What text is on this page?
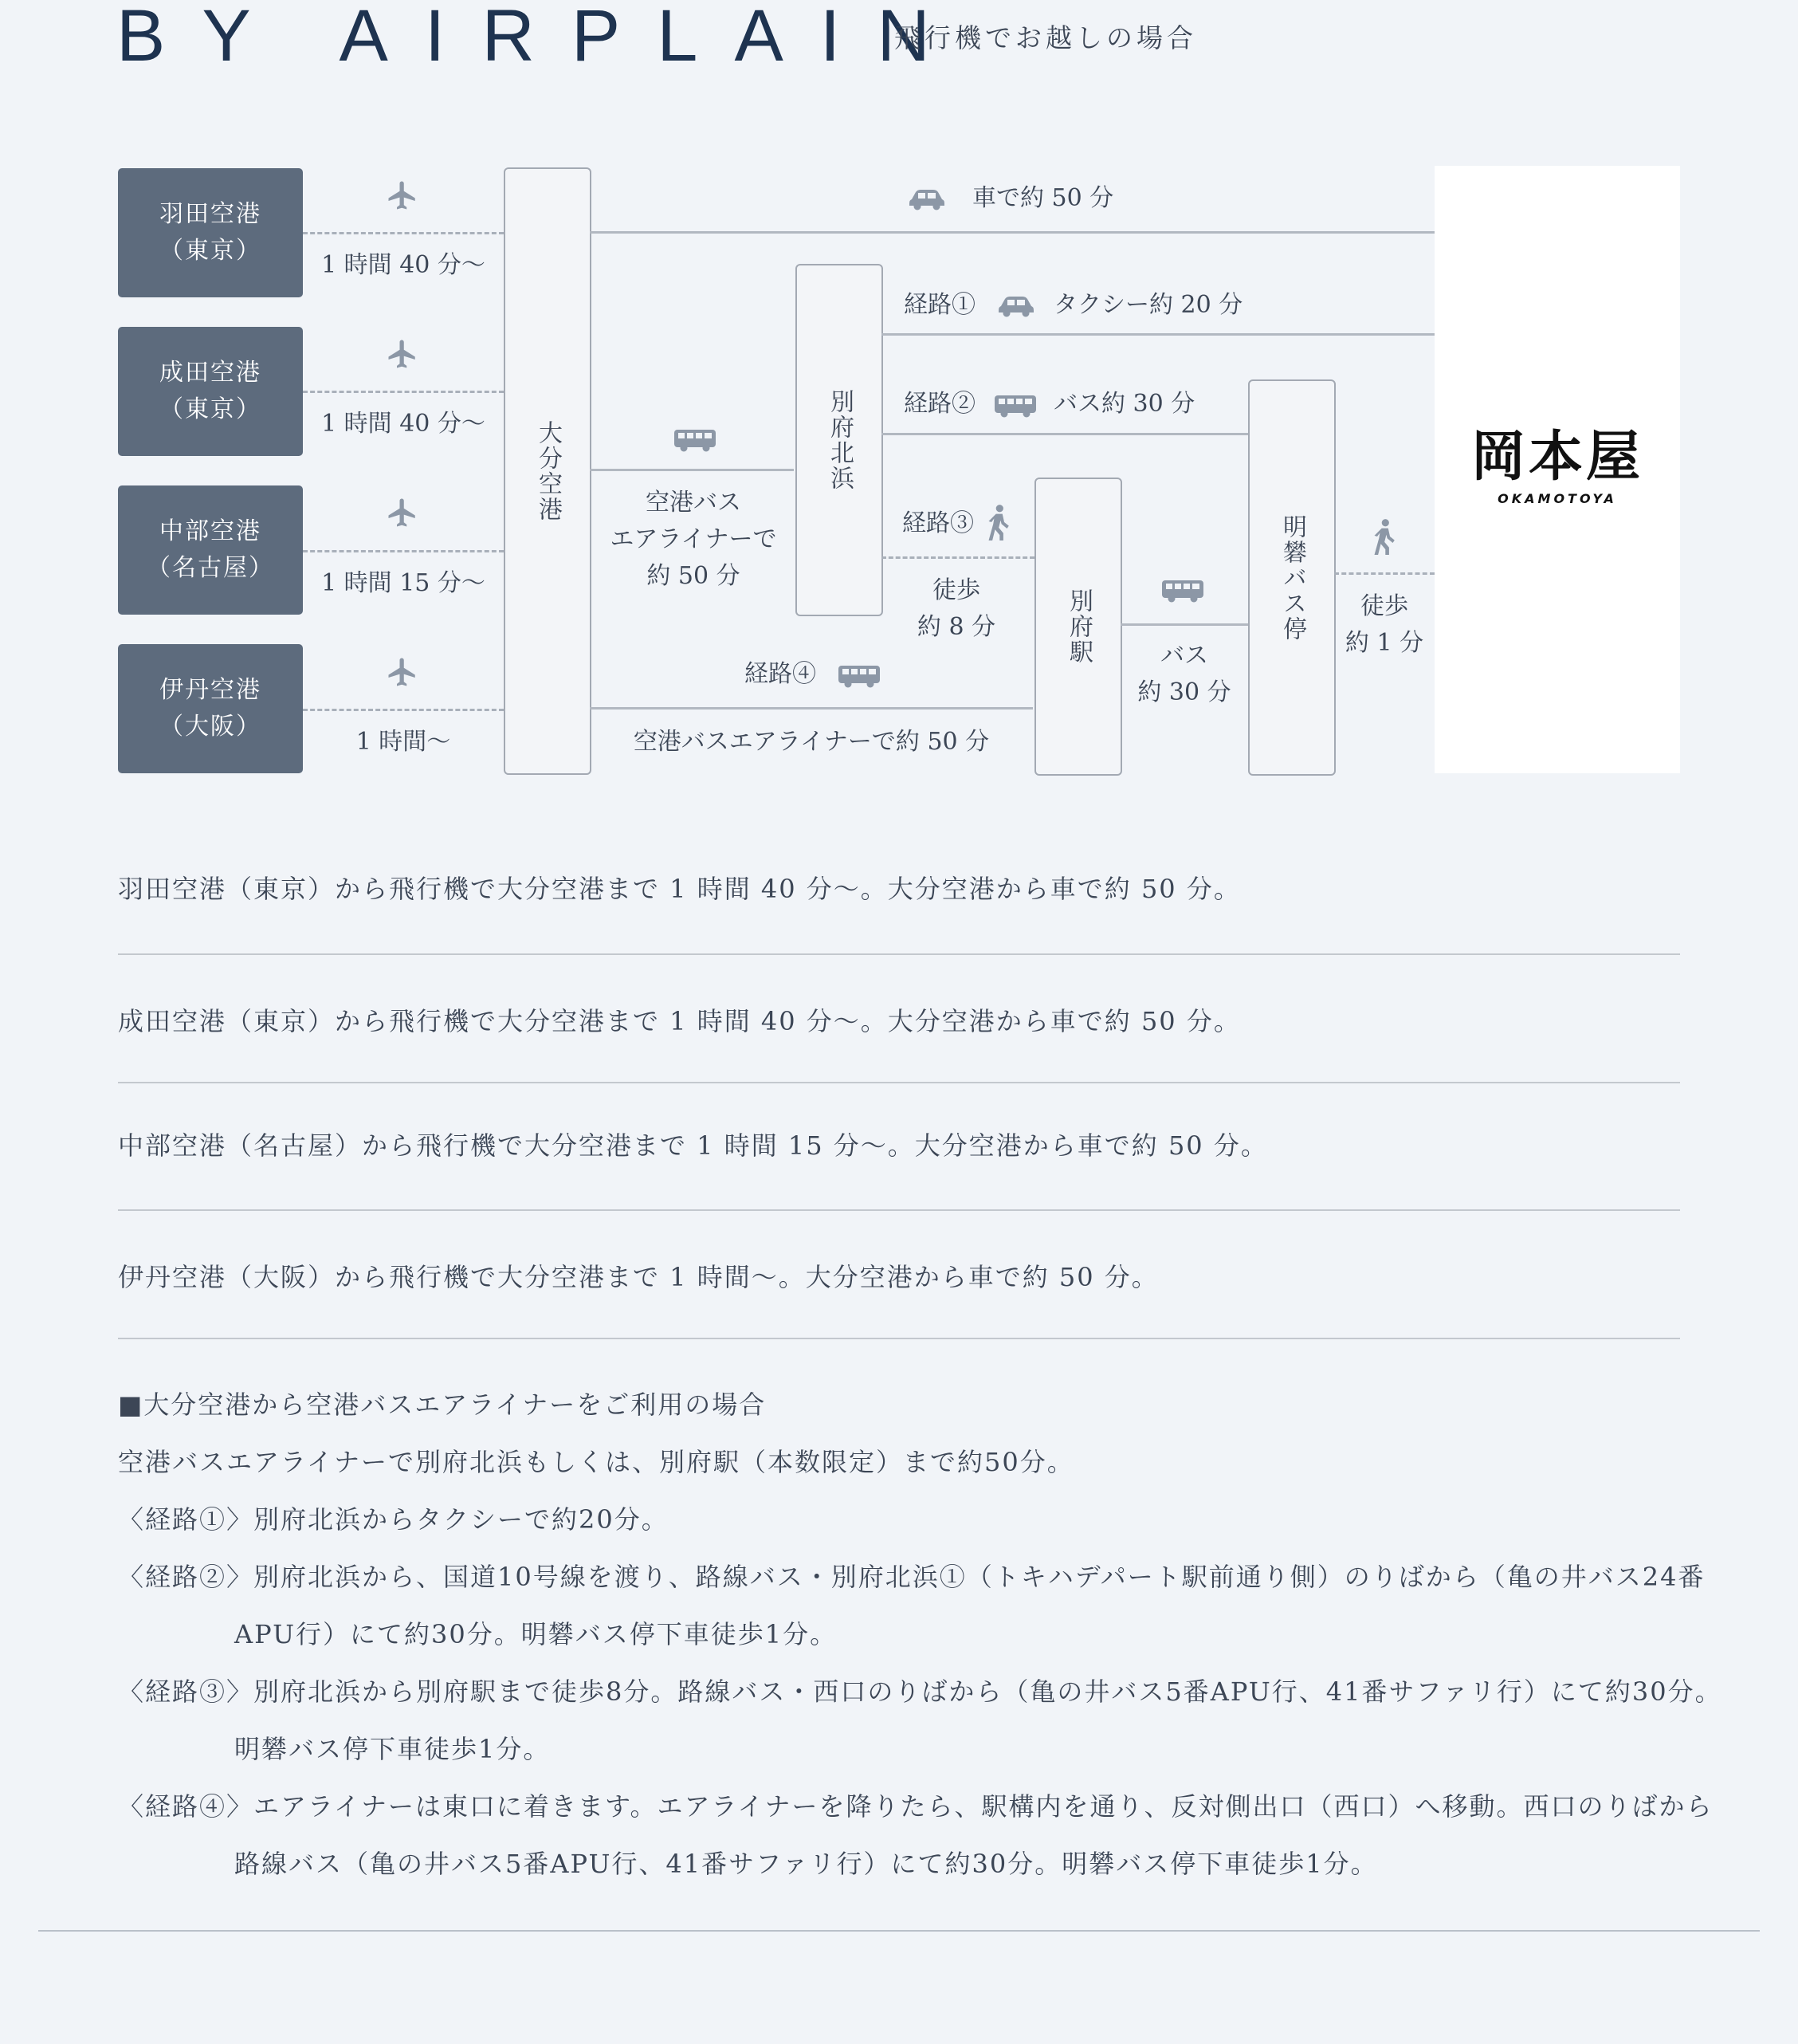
BY AIRPLAIN
飛行機でお越しの場合
羽田空港
（東京）
成田空港
（東京）
中部空港
（名古屋）
伊丹空港
（大阪）
1 時間 40 分～
1 時間 40 分～
1 時間 15 分～
1 時間～
大分空港
車で約 50 分
空港バス
エアライナーで
約 50 分
別府北浜
経路①	タクシー約 20 分
経路②	バス約 30 分
経路③
徒歩
約 8 分
経路④
空港バスエアライナーで約 50 分
別府駅	バス
約 30 分
明礬バス停	徒歩
約 1 分
岡本屋
OKAMOTOYA
羽田空港（東京）から飛行機で大分空港まで 1 時間 40 分～。大分空港から車で約 50 分。
成田空港（東京）から飛行機で大分空港まで 1 時間 40 分～。大分空港から車で約 50 分。
中部空港（名古屋）から飛行機で大分空港まで 1 時間 15 分～。大分空港から車で約 50 分。
伊丹空港（大阪）から飛行機で大分空港まで 1 時間～。大分空港から車で約 50 分。
■大分空港から空港バスエアライナーをご利用の場合
空港バスエアライナーで別府北浜もしくは、別府駅（本数限定）まで約50分。
〈経路①〉別府北浜からタクシーで約20分。
〈経路②〉別府北浜から、国道10号線を渡り、路線バス・別府北浜①（トキハデパート駅前通り側）のりばから（亀の井バス24番
APU行）にて約30分。明礬バス停下車徒歩1分。
〈経路③〉別府北浜から別府駅まで徒歩8分。路線バス・西口のりばから（亀の井バス5番APU行、41番サファリ行）にて約30分。
明礬バス停下車徒歩1分。
〈経路④〉エアライナーは東口に着きます。エアライナーを降りたら、駅構内を通り、反対側出口（西口）へ移動。西口のりばから
路線バス（亀の井バス5番APU行、41番サファリ行）にて約30分。明礬バス停下車徒歩1分。
